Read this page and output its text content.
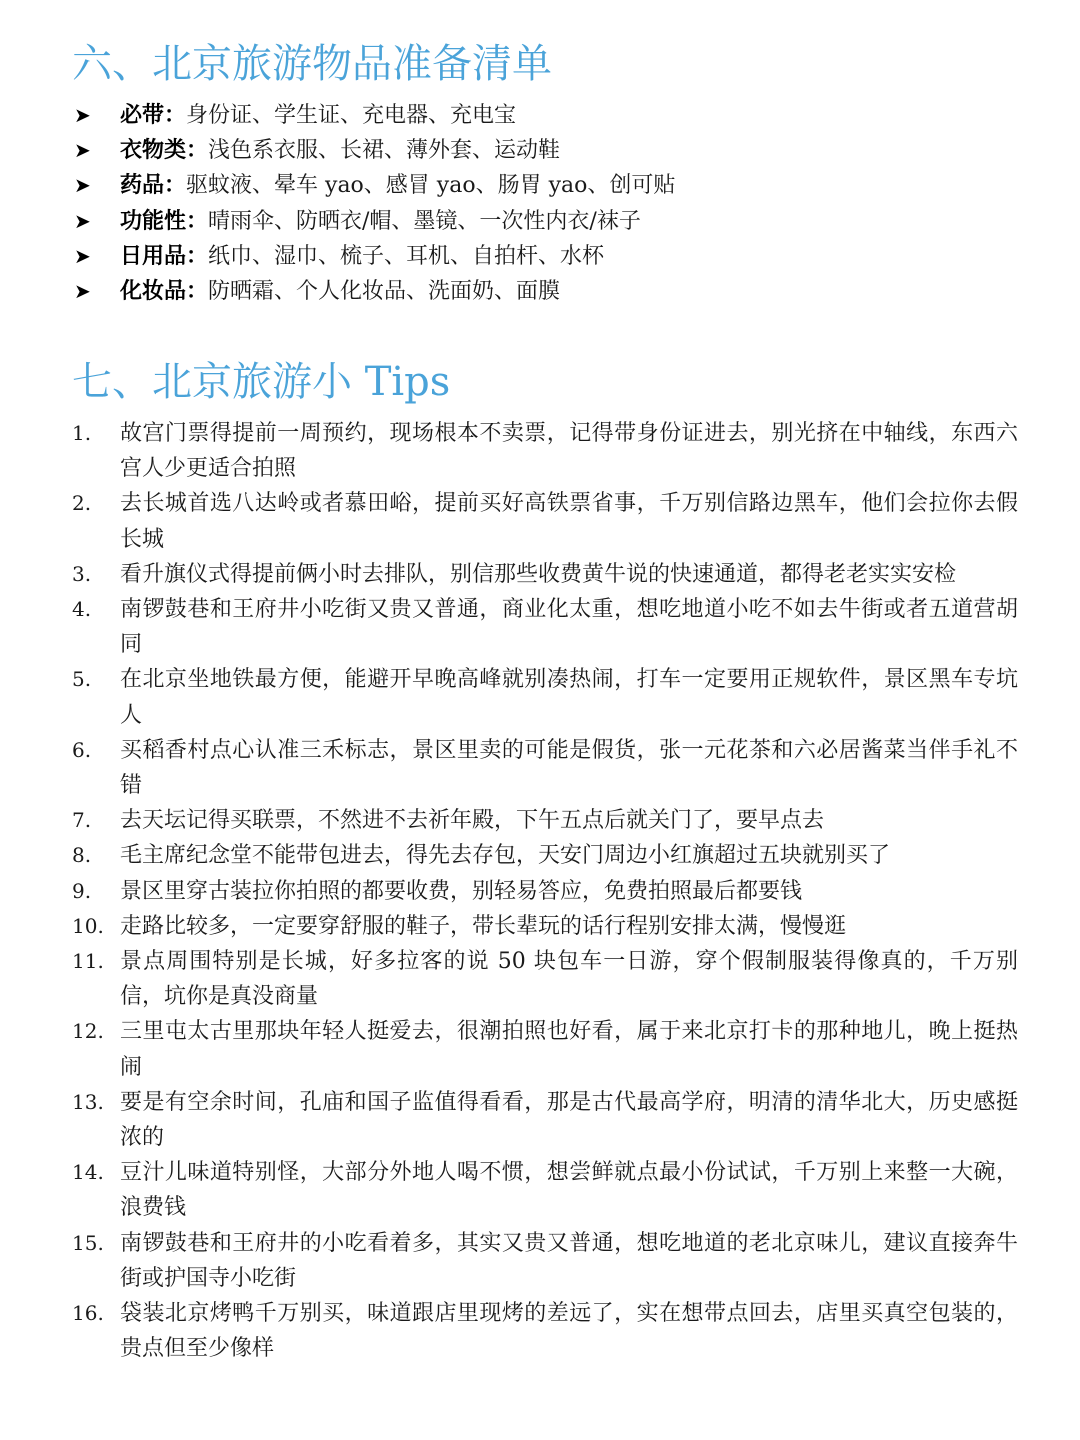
六、北京旅游物品准备清单
➤ 必带：身份证、学生证、充电器、充电宝
➤ 衣物类：浅色系衣服、长裙、薄外套、运动鞋
➤ 药品：驱蚊液、晕车 yao、感冒 yao、肠胃 yao、创可贴
➤ 功能性：晴雨伞、防晒衣/帽、墨镜、一次性内衣/袜子
➤ 日用品：纸巾、湿巾、梳子、耳机、自拍杆、水杯
➤ 化妆品：防晒霜、个人化妆品、洗面奶、面膜
七、北京旅游小 Tips
1.	故宫门票得提前一周预约，现场根本不卖票，记得带身份证进去，别光挤在中轴线，东西六宫人少更适合拍照
2.	去长城首选八达岭或者慕田峪，提前买好高铁票省事，千万别信路边黑车，他们会拉你去假长城
3.	看升旗仪式得提前俩小时去排队，别信那些收费黄牛说的快速通道，都得老老实实安检
4.	南锣鼓巷和王府井小吃街又贵又普通，商业化太重，想吃地道小吃不如去牛街或者五道营胡同
5.	在北京坐地铁最方便，能避开早晚高峰就别凑热闹，打车一定要用正规软件，景区黑车专坑人
6.	买稻香村点心认准三禾标志，景区里卖的可能是假货，张一元花茶和六必居酱菜当伴手礼不错
7.	去天坛记得买联票，不然进不去祈年殿，下午五点后就关门了，要早点去
8.	毛主席纪念堂不能带包进去，得先去存包，天安门周边小红旗超过五块就别买了
9.	景区里穿古装拉你拍照的都要收费，别轻易答应，免费拍照最后都要钱
10. 走路比较多，一定要穿舒服的鞋子，带长辈玩的话行程别安排太满，慢慢逛
11. 景点周围特别是长城，好多拉客的说 50 块包车一日游，穿个假制服装得像真的，千万别信，坑你是真没商量
12. 三里屯太古里那块年轻人挺爱去，很潮拍照也好看，属于来北京打卡的那种地儿，晚上挺热闹
13. 要是有空余时间，孔庙和国子监值得看看，那是古代最高学府，明清的清华北大，历史感挺浓的
14. 豆汁儿味道特别怪，大部分外地人喝不惯，想尝鲜就点最小份试试，千万别上来整一大碗，浪费钱
15. 南锣鼓巷和王府井的小吃看着多，其实又贵又普通，想吃地道的老北京味儿，建议直接奔牛街或护国寺小吃街
16. 袋装北京烤鸭千万别买，味道跟店里现烤的差远了，实在想带点回去，店里买真空包装的，贵点但至少像样
